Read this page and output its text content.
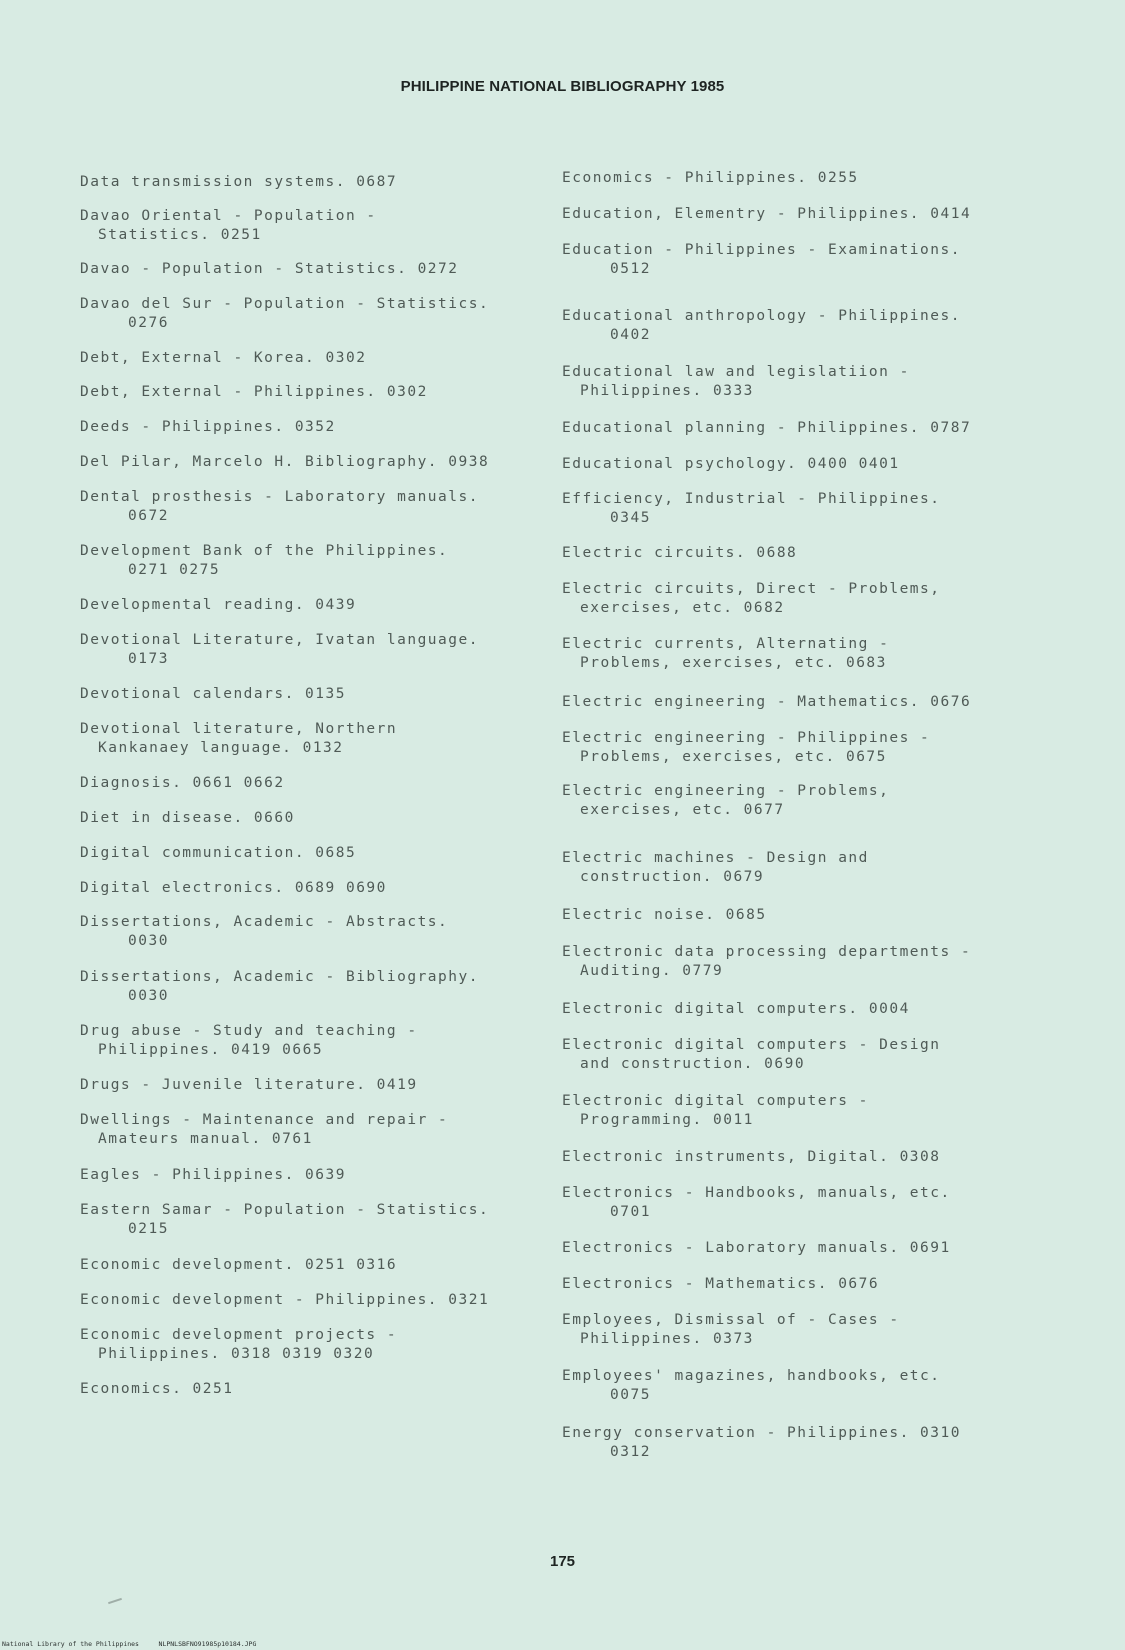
PHILIPPINE NATIONAL BIBLIOGRAPHY 1985
Data transmission systems. 0687
Davao Oriental - Population -
Statistics. 0251
Davao - Population - Statistics. 0272
Davao del Sur - Population - Statistics.
0276
Debt, External - Korea. 0302
Debt, External - Philippines. 0302
Deeds - Philippines. 0352
Del Pilar, Marcelo H. Bibliography. 0938
Dental prosthesis - Laboratory manuals.
0672
Development Bank of the Philippines.
0271 0275
Developmental reading. 0439
Devotional Literature, Ivatan language.
0173
Devotional calendars. 0135
Devotional literature, Northern
Kankanaey language. 0132
Diagnosis. 0661 0662
Diet in disease. 0660
Digital communication. 0685
Digital electronics. 0689 0690
Dissertations, Academic - Abstracts.
0030
Dissertations, Academic - Bibliography.
0030
Drug abuse - Study and teaching -
Philippines. 0419 0665
Drugs - Juvenile literature. 0419
Dwellings - Maintenance and repair -
Amateurs manual. 0761
Eagles - Philippines. 0639
Eastern Samar - Population - Statistics.
0215
Economic development. 0251 0316
Economic development - Philippines. 0321
Economic development projects -
Philippines. 0318 0319 0320
Economics. 0251
Economics - Philippines. 0255
Education, Elementry - Philippines. 0414
Education - Philippines - Examinations.
0512
Educational anthropology - Philippines.
0402
Educational law and legislatiion -
Philippines. 0333
Educational planning - Philippines. 0787
Educational psychology. 0400 0401
Efficiency, Industrial - Philippines.
0345
Electric circuits. 0688
Electric circuits, Direct - Problems,
exercises, etc. 0682
Electric currents, Alternating -
Problems, exercises, etc. 0683
Electric engineering - Mathematics. 0676
Electric engineering - Philippines -
Problems, exercises, etc. 0675
Electric engineering - Problems,
exercises, etc. 0677
Electric machines - Design and
construction. 0679
Electric noise. 0685
Electronic data processing departments -
Auditing. 0779
Electronic digital computers. 0004
Electronic digital computers - Design
and construction. 0690
Electronic digital computers -
Programming. 0011
Electronic instruments, Digital. 0308
Electronics - Handbooks, manuals, etc.
0701
Electronics - Laboratory manuals. 0691
Electronics - Mathematics. 0676
Employees, Dismissal of - Cases -
Philippines. 0373
Employees' magazines, handbooks, etc.
0075
Energy conservation - Philippines. 0310
0312
175
National Library of the Philippines     NLPNLSBFNO91985p10184.JPG
